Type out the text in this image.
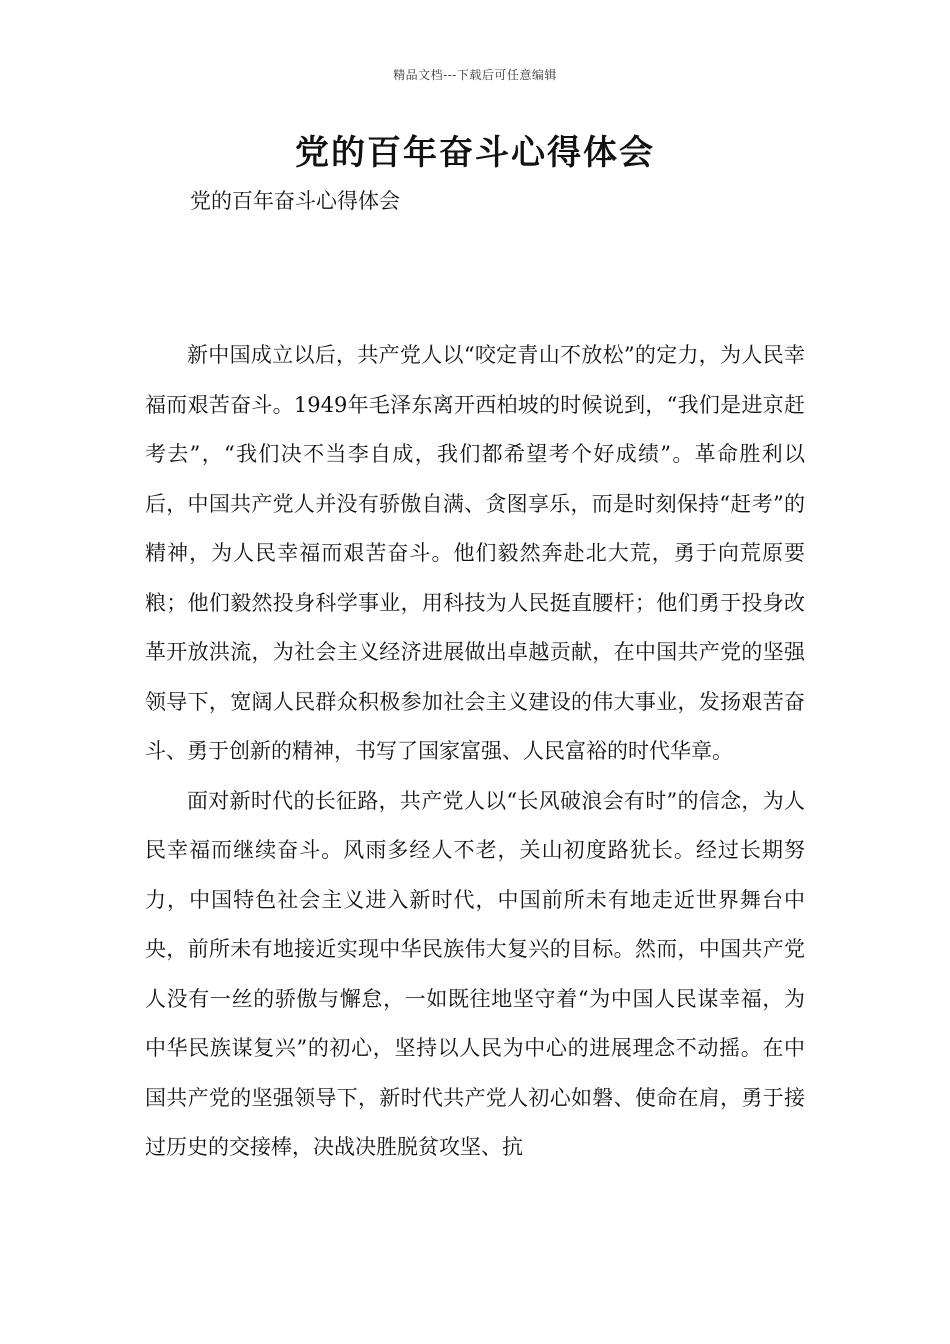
精品文档---下载后可任意编辑
党的百年奋斗心得体会

党的百年奋斗心得体会

新中国成立以后，共产党人以“咬定青山不放松”的定力，为人民幸福而艰苦奋斗。1949年毛泽东离开西柏坡的时候说到，“我们是进京赶考去”，“我们决不当李自成，我们都希望考个好成绩”。革命胜利以后，中国共产党人并没有骄傲自满、贪图享乐，而是时刻保持“赶考”的精神，为人民幸福而艰苦奋斗。他们毅然奔赴北大荒，勇于向荒原要粮；他们毅然投身科学事业，用科技为人民挺直腰杆；他们勇于投身改革开放洪流，为社会主义经济进展做出卓越贡献，在中国共产党的坚强领导下，宽阔人民群众积极参加社会主义建设的伟大事业，发扬艰苦奋斗、勇于创新的精神，书写了国家富强、人民富裕的时代华章。

面对新时代的长征路，共产党人以“长风破浪会有时”的信念，为人民幸福而继续奋斗。风雨多经人不老，关山初度路犹长。经过长期努力，中国特色社会主义进入新时代，中国前所未有地走近世界舞台中央，前所未有地接近实现中华民族伟大复兴的目标。然而，中国共产党人没有一丝的骄傲与懈怠，一如既往地坚守着“为中国人民谋幸福，为中华民族谋复兴”的初心，坚持以人民为中心的进展理念不动摇。在中国共产党的坚强领导下，新时代共产党人初心如磐、使命在肩，勇于接过历史的交接棒，决战决胜脱贫攻坚、抗
